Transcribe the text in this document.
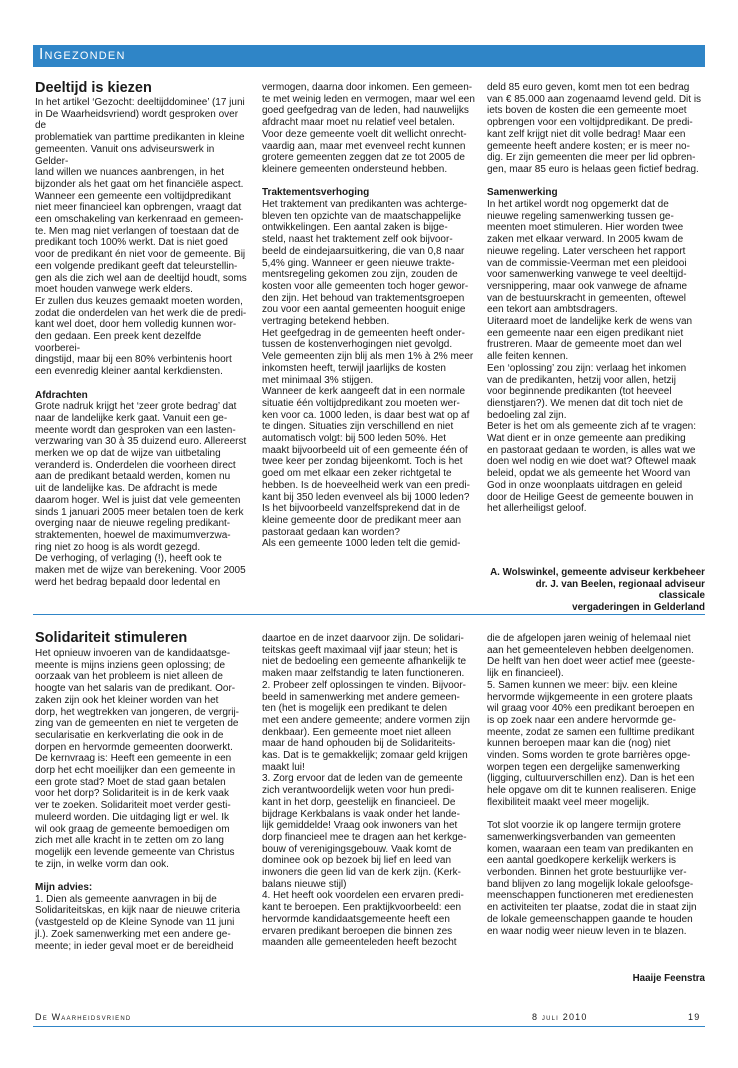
Ingezonden
Deeltijd is kiezen

In het artikel ‘Gezocht: deeltijddominee’ (17 juni
in De Waarheidsvriend) wordt gesproken over de
problematiek van parttime predikanten in kleine
gemeenten. Vanuit ons adviseurswerk in Gelder-
land willen we nuances aanbrengen, in het
bijzonder als het gaat om het financiële aspect.
Wanneer een gemeente een voltijdpredikant
niet meer financieel kan opbrengen, vraagt dat
een omschakeling van kerkenraad en gemeen-
te. Men mag niet verlangen of toestaan dat de
predikant toch 100% werkt. Dat is niet goed
voor de predikant én niet voor de gemeente. Bij
een volgende predikant geeft dat teleurstellin-
gen als die zich wel aan de deeltijd houdt, soms
moet houden vanwege werk elders.

Er zullen dus keuzes gemaakt moeten worden,
zodat die onderdelen van het werk die de predi-
kant wel doet, door hem volledig kunnen wor-
den gedaan. Een preek kent dezelfde voorberei-
dingstijd, maar bij een 80% verbintenis hoort
een evenredig kleiner aantal kerkdiensten.

Afdrachten

Grote nadruk krijgt het ‘zeer grote bedrag’ dat
naar de landelijke kerk gaat. Vanuit een ge-
meente wordt dan gesproken van een lasten-
verzwaring van 30 à 35 duizend euro. Allereerst
merken we op dat de wijze van uitbetaling
veranderd is. Onderdelen die voorheen direct
aan de predikant betaald werden, komen nu
uit de landelijke kas. De afdracht is mede
daarom hoger. Wel is juist dat vele gemeenten
sinds 1 januari 2005 meer betalen toen de kerk
overging naar de nieuwe regeling predikant-
straktementen, hoewel de maximumverzwa-
ring niet zo hoog is als wordt gezegd.

De verhoging, of verlaging (!), heeft ook te
maken met de wijze van berekening. Voor 2005
werd het bedrag bepaald door ledental en

vermogen, daarna door inkomen. Een gemeen-
te met weinig leden en vermogen, maar wel een
goed geefgedrag van de leden, had nauwelijks
afdracht maar moet nu relatief veel betalen.
Voor deze gemeente voelt dit wellicht onrecht-
vaardig aan, maar met evenveel recht kunnen
grotere gemeenten zeggen dat ze tot 2005 de
kleinere gemeenten ondersteund hebben.

Traktementsverhoging

Het traktement van predikanten was achterge-
bleven ten opzichte van de maatschappelijke
ontwikkelingen. Een aantal zaken is bijge-
steld, naast het traktement zelf ook bijvoor-
beeld de eindejaarsuitkering, die van 0,8 naar
5,4% ging. Wanneer er geen nieuwe trakte-
mentsregeling gekomen zou zijn, zouden de
kosten voor alle gemeenten toch hoger gewor-
den zijn. Het behoud van traktementsgroepen
zou voor een aantal gemeenten hooguit enige
vertraging betekend hebben.

Het geefgedrag in de gemeenten heeft onder-
tussen de kostenverhogingen niet gevolgd.
Vele gemeenten zijn blij als men 1% à 2% meer
inkomsten heeft, terwijl jaarlijks de kosten
met minimaal 3% stijgen.

Wanneer de kerk aangeeft dat in een normale
situatie één voltijdpredikant zou moeten wer-
ken voor ca. 1000 leden, is daar best wat op af
te dingen. Situaties zijn verschillend en niet
automatisch volgt: bij 500 leden 50%. Het
maakt bijvoorbeeld uit of een gemeente één of
twee keer per zondag bijeenkomt. Toch is het
goed om met elkaar een zeker richtgetal te
hebben. Is de hoeveelheid werk van een predi-
kant bij 350 leden evenveel als bij 1000 leden?
Is het bijvoorbeeld vanzelfsprekend dat in de
kleine gemeente door de predikant meer aan
pastoraat gedaan kan worden?

Als een gemeente 1000 leden telt die gemid-

deld 85 euro geven, komt men tot een bedrag
van € 85.000 aan zogenaamd levend geld. Dit is
iets boven de kosten die een gemeente moet
opbrengen voor een voltijdpredikant. De predi-
kant zelf krijgt niet dit volle bedrag! Maar een
gemeente heeft andere kosten; er is meer no-
dig. Er zijn gemeenten die meer per lid opbren-
gen, maar 85 euro is helaas geen fictief bedrag.

Samenwerking

In het artikel wordt nog opgemerkt dat de
nieuwe regeling samenwerking tussen ge-
meenten moet stimuleren. Hier worden twee
zaken met elkaar verward. In 2005 kwam de
nieuwe regeling. Later verscheen het rapport
van de commissie-Veerman met een pleidooi
voor samenwerking vanwege te veel deeltijd-
versnippering, maar ook vanwege de afname
van de bestuurskracht in gemeenten, oftewel
een tekort aan ambtsdragers.

Uiteraard moet de landelijke kerk de wens van
een gemeente naar een eigen predikant niet
frustreren. Maar de gemeente moet dan wel
alle feiten kennen.

Een ‘oplossing’ zou zijn: verlaag het inkomen
van de predikanten, hetzij voor allen, hetzij
voor beginnende predikanten (tot heeveel
dienstjaren?). We menen dat dit toch niet de
bedoeling zal zijn.

Beter is het om als gemeente zich af te vragen:
Wat dient er in onze gemeente aan prediking
en pastoraat gedaan te worden, is alles wat we
doen wel nodig en wie doet wat? Oftewel maak
beleid, opdat we als gemeente het Woord van
God in onze woonplaats uitdragen en geleid
door de Heilige Geest de gemeente bouwen in
het allerheiligst geloof.

A. Wolswinkel, gemeente adviseur kerkbeheer
dr. J. van Beelen, regionaal adviseur classicale
vergaderingen in Gelderland
Solidariteit stimuleren

Het opnieuw invoeren van de kandidaatsge-
meente is mijns inziens geen oplossing; de
oorzaak van het probleem is niet alleen de
hoogte van het salaris van de predikant. Oor-
zaken zijn ook het kleiner worden van het
dorp, het wegtrekken van jongeren, de vergrij-
zing van de gemeenten en niet te vergeten de
secularisatie en kerkverlating die ook in de
dorpen en hervormde gemeenten doorwerkt.
De kernvraag is: Heeft een gemeente in een
dorp het echt moeilijker dan een gemeente in
een grote stad? Moet de stad gaan betalen
voor het dorp? Solidariteit is in de kerk vaak
ver te zoeken. Solidariteit moet verder gesti-
muleerd worden. Die uitdaging ligt er wel. Ik
wil ook graag de gemeente bemoedigen om
zich met alle kracht in te zetten om zo lang
mogelijk een levende gemeente van Christus
te zijn, in welke vorm dan ook.

Mijn advies:

1. Dien als gemeente aanvragen in bij de
Solidariteitskas, en kijk naar de nieuwe criteria
(vastgesteld op de Kleine Synode van 11 juni
jl.). Zoek samenwerking met een andere ge-
meente; in ieder geval moet er de bereidheid

daartoe en de inzet daarvoor zijn. De solidari-
teitskas geeft maximaal vijf jaar steun; het is
niet de bedoeling een gemeente afhankelijk te
maken maar zelfstandig te laten functioneren.

2. Probeer zelf oplossingen te vinden. Bijvoor-
beeld in samenwerking met andere gemeen-
ten (het is mogelijk een predikant te delen
met een andere gemeente; andere vormen zijn
denkbaar). Een gemeente moet niet alleen
maar de hand ophouden bij de Solidariteits-
kas. Dat is te gemakkelijk; zomaar geld krijgen
maakt lui!

3. Zorg ervoor dat de leden van de gemeente
zich verantwoordelijk weten voor hun predi-
kant in het dorp, geestelijk en financieel. De
bijdrage Kerkbalans is vaak onder het lande-
lijk gemiddelde! Vraag ook inwoners van het
dorp financieel mee te dragen aan het kerkge-
bouw of verenigingsgebouw. Vaak komt de
dominee ook op bezoek bij lief en leed van
inwoners die geen lid van de kerk zijn. (Kerk-
balans nieuwe stijl)

4. Het heeft ook voordelen een ervaren predi-
kant te beroepen. Een praktijkvoorbeeld: een
hervormde kandidaatsgemeente heeft een
ervaren predikant beroepen die binnen zes
maanden alle gemeenteleden heeft bezocht

die de afgelopen jaren weinig of helemaal niet
aan het gemeenteleven hebben deelgenomen.
De helft van hen doet weer actief mee (geeste-
lijk en financieel).

5. Samen kunnen we meer: bijv. een kleine
hervormde wijkgemeente in een grotere plaats
wil graag voor 40% een predikant beroepen en
is op zoek naar een andere hervormde ge-
meente, zodat ze samen een fulltime predikant
kunnen beroepen maar kan die (nog) niet
vinden. Soms worden te grote barrières opge-
worpen tegen een dergelijke samenwerking
(ligging, cultuurverschillen enz). Dan is het een
hele opgave om dit te kunnen realiseren. Enige
flexibiliteit maakt veel meer mogelijk.

Tot slot voorzie ik op langere termijn grotere
samenwerkingsverbanden van gemeenten
komen, waaraan een team van predikanten en
een aantal goedkopere kerkelijk werkers is
verbonden. Binnen het grote bestuurlijke ver-
band blijven zo lang mogelijk lokale geloofsge-
meenschappen functioneren met eredienesten
en activiteiten ter plaatse, zodat die in staat zijn
de lokale gemeenschappen gaande te houden
en waar nodig weer nieuw leven in te blazen.

Haaije Feenstra
De Waarheidsvriend	8 juli 2010	19
